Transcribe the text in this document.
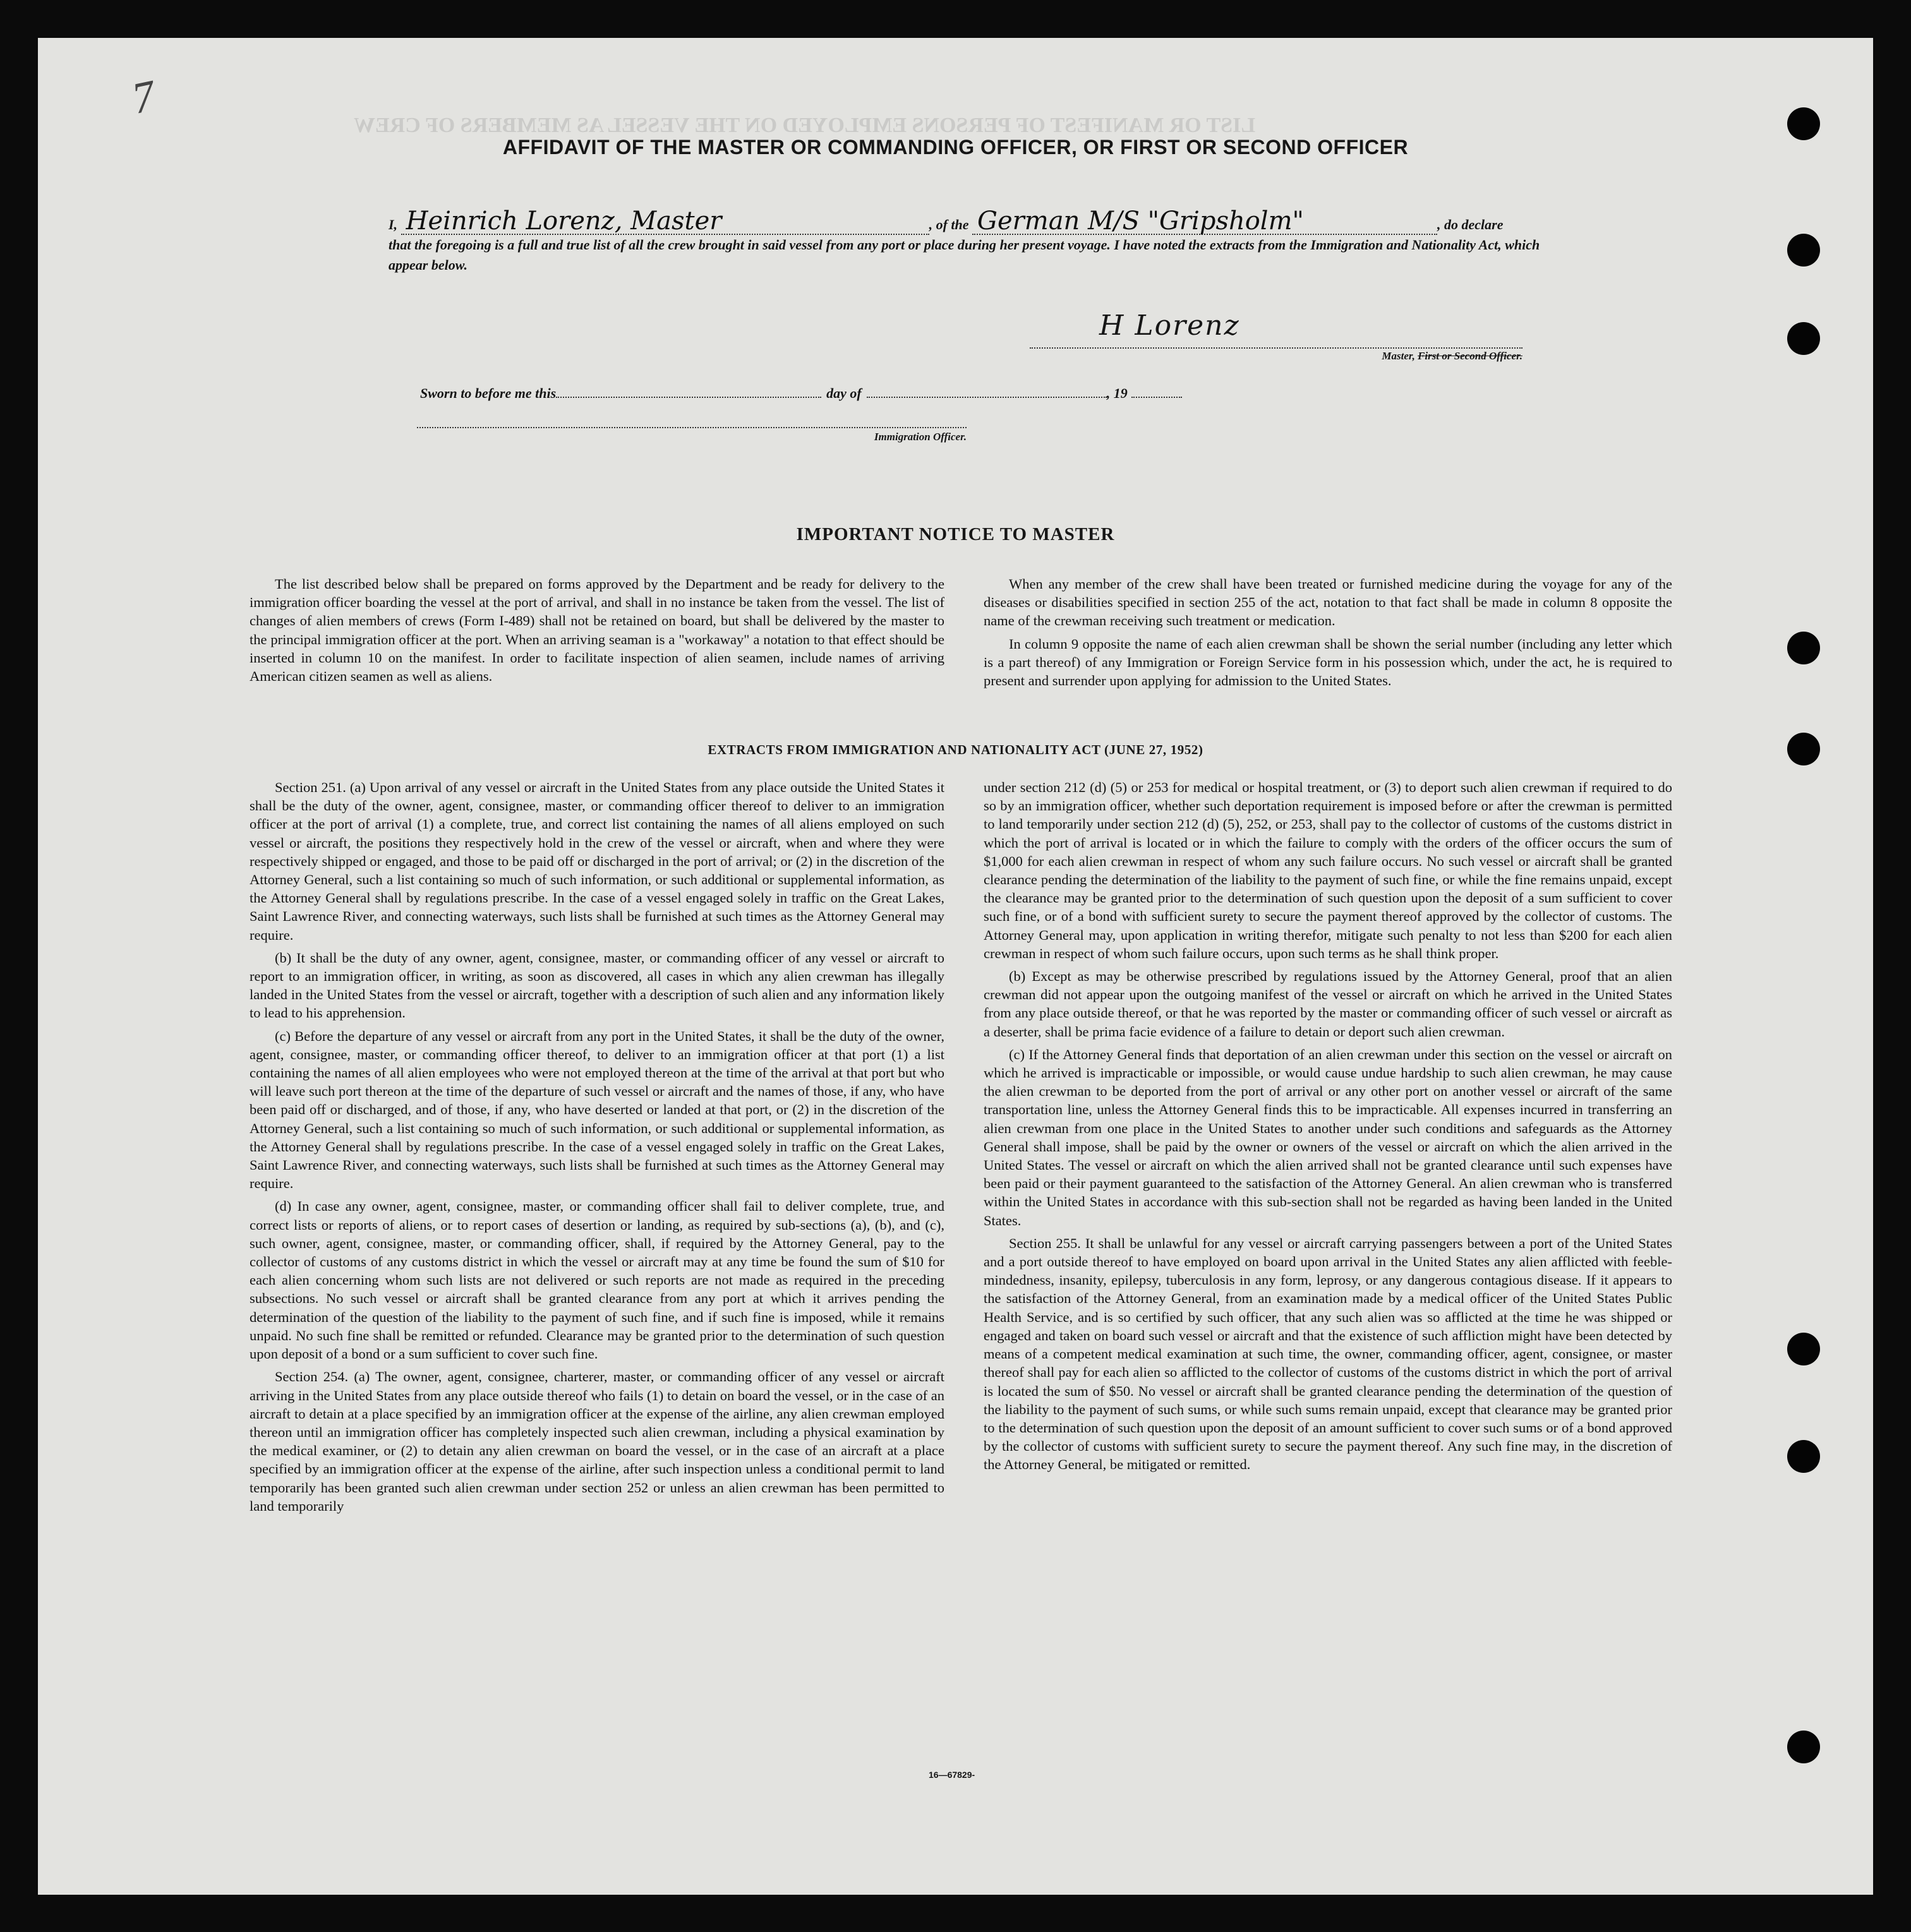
LIST OR MANIFEST OF PERSONS EMPLOYED ON THE VESSEL AS MEMBERS OF CREW
7
AFFIDAVIT OF THE MASTER OR COMMANDING OFFICER, OR FIRST OR SECOND OFFICER
I,
Heinrich Lorenz, Master	, of the
German M/S "Gripsholm"	, do declare
that the foregoing is a full and true list of all the crew brought in said vessel from any port or place during her present voyage. I have noted the extracts from the Immigration and Nationality Act, which appear below.
H Lorenz
Master, First or Second Officer.
Sworn to before me this	day of	, 19
Immigration Officer.
IMPORTANT NOTICE TO MASTER

The list described below shall be prepared on forms approved by the Department and be ready for delivery to the immigration officer boarding the vessel at the port of arrival, and shall in no instance be taken from the vessel. The list of changes of alien members of crews (Form I-489) shall not be retained on board, but shall be delivered by the master to the principal immigration officer at the port. When an arriving seaman is a "workaway" a notation to that effect should be inserted in column 10 on the manifest. In order to facilitate inspection of alien seamen, include names of arriving American citizen seamen as well as aliens.

When any member of the crew shall have been treated or furnished medicine during the voyage for any of the diseases or disabilities specified in section 255 of the act, notation to that fact shall be made in column 8 opposite the name of the crewman receiving such treatment or medication.

In column 9 opposite the name of each alien crewman shall be shown the serial number (including any letter which is a part thereof) of any Immigration or Foreign Service form in his possession which, under the act, he is required to present and surrender upon applying for admission to the United States.

EXTRACTS FROM IMMIGRATION AND NATIONALITY ACT (JUNE 27, 1952)

Section 251. (a) Upon arrival of any vessel or aircraft in the United States from any place outside the United States it shall be the duty of the owner, agent, consignee, master, or commanding officer thereof to deliver to an immigration officer at the port of arrival (1) a complete, true, and correct list containing the names of all aliens employed on such vessel or aircraft, the positions they respectively hold in the crew of the vessel or aircraft, when and where they were respectively shipped or engaged, and those to be paid off or discharged in the port of arrival; or (2) in the discretion of the Attorney General, such a list containing so much of such information, or such additional or supplemental information, as the Attorney General shall by regulations prescribe. In the case of a vessel engaged solely in traffic on the Great Lakes, Saint Lawrence River, and connecting waterways, such lists shall be furnished at such times as the Attorney General may require.

(b) It shall be the duty of any owner, agent, consignee, master, or commanding officer of any vessel or aircraft to report to an immigration officer, in writing, as soon as discovered, all cases in which any alien crewman has illegally landed in the United States from the vessel or aircraft, together with a description of such alien and any information likely to lead to his apprehension.

(c) Before the departure of any vessel or aircraft from any port in the United States, it shall be the duty of the owner, agent, consignee, master, or commanding officer thereof, to deliver to an immigration officer at that port (1) a list containing the names of all alien employees who were not employed thereon at the time of the arrival at that port but who will leave such port thereon at the time of the departure of such vessel or aircraft and the names of those, if any, who have been paid off or discharged, and of those, if any, who have deserted or landed at that port, or (2) in the discretion of the Attorney General, such a list containing so much of such information, or such additional or supplemental information, as the Attorney General shall by regulations prescribe. In the case of a vessel engaged solely in traffic on the Great Lakes, Saint Lawrence River, and connecting waterways, such lists shall be furnished at such times as the Attorney General may require.

(d) In case any owner, agent, consignee, master, or commanding officer shall fail to deliver complete, true, and correct lists or reports of aliens, or to report cases of desertion or landing, as required by sub-sections (a), (b), and (c), such owner, agent, consignee, master, or commanding officer, shall, if required by the Attorney General, pay to the collector of customs of any customs district in which the vessel or aircraft may at any time be found the sum of $10 for each alien concerning whom such lists are not delivered or such reports are not made as required in the preceding subsections. No such vessel or aircraft shall be granted clearance from any port at which it arrives pending the determination of the question of the liability to the payment of such fine, and if such fine is imposed, while it remains unpaid. No such fine shall be remitted or refunded. Clearance may be granted prior to the determination of such question upon deposit of a bond or a sum sufficient to cover such fine.

Section 254. (a) The owner, agent, consignee, charterer, master, or commanding officer of any vessel or aircraft arriving in the United States from any place outside thereof who fails (1) to detain on board the vessel, or in the case of an aircraft to detain at a place specified by an immigration officer at the expense of the airline, any alien crewman employed thereon until an immigration officer has completely inspected such alien crewman, including a physical examination by the medical examiner, or (2) to detain any alien crewman on board the vessel, or in the case of an aircraft at a place specified by an immigration officer at the expense of the airline, after such inspection unless a conditional permit to land temporarily has been granted such alien crewman under section 252 or unless an alien crewman has been permitted to land temporarily

under section 212 (d) (5) or 253 for medical or hospital treatment, or (3) to deport such alien crewman if required to do so by an immigration officer, whether such deportation requirement is imposed before or after the crewman is permitted to land temporarily under section 212 (d) (5), 252, or 253, shall pay to the collector of customs of the customs district in which the port of arrival is located or in which the failure to comply with the orders of the officer occurs the sum of $1,000 for each alien crewman in respect of whom any such failure occurs. No such vessel or aircraft shall be granted clearance pending the determination of the liability to the payment of such fine, or while the fine remains unpaid, except the clearance may be granted prior to the determination of such question upon the deposit of a sum sufficient to cover such fine, or of a bond with sufficient surety to secure the payment thereof approved by the collector of customs. The Attorney General may, upon application in writing therefor, mitigate such penalty to not less than $200 for each alien crewman in respect of whom such failure occurs, upon such terms as he shall think proper.

(b) Except as may be otherwise prescribed by regulations issued by the Attorney General, proof that an alien crewman did not appear upon the outgoing manifest of the vessel or aircraft on which he arrived in the United States from any place outside thereof, or that he was reported by the master or commanding officer of such vessel or aircraft as a deserter, shall be prima facie evidence of a failure to detain or deport such alien crewman.

(c) If the Attorney General finds that deportation of an alien crewman under this section on the vessel or aircraft on which he arrived is impracticable or impossible, or would cause undue hardship to such alien crewman, he may cause the alien crewman to be deported from the port of arrival or any other port on another vessel or aircraft of the same transportation line, unless the Attorney General finds this to be impracticable. All expenses incurred in transferring an alien crewman from one place in the United States to another under such conditions and safeguards as the Attorney General shall impose, shall be paid by the owner or owners of the vessel or aircraft on which the alien arrived in the United States. The vessel or aircraft on which the alien arrived shall not be granted clearance until such expenses have been paid or their payment guaranteed to the satisfaction of the Attorney General. An alien crewman who is transferred within the United States in accordance with this sub-section shall not be regarded as having been landed in the United States.

Section 255. It shall be unlawful for any vessel or aircraft carrying passengers between a port of the United States and a port outside thereof to have employed on board upon arrival in the United States any alien afflicted with feeble-mindedness, insanity, epilepsy, tuberculosis in any form, leprosy, or any dangerous contagious disease. If it appears to the satisfaction of the Attorney General, from an examination made by a medical officer of the United States Public Health Service, and is so certified by such officer, that any such alien was so afflicted at the time he was shipped or engaged and taken on board such vessel or aircraft and that the existence of such affliction might have been detected by means of a competent medical examination at such time, the owner, commanding officer, agent, consignee, or master thereof shall pay for each alien so afflicted to the collector of customs of the customs district in which the port of arrival is located the sum of $50. No vessel or aircraft shall be granted clearance pending the determination of the question of the liability to the payment of such sums, or while such sums remain unpaid, except that clearance may be granted prior to the determination of such question upon the deposit of an amount sufficient to cover such sums or of a bond approved by the collector of customs with sufficient surety to secure the payment thereof. Any such fine may, in the discretion of the Attorney General, be mitigated or remitted.

16—67829-
